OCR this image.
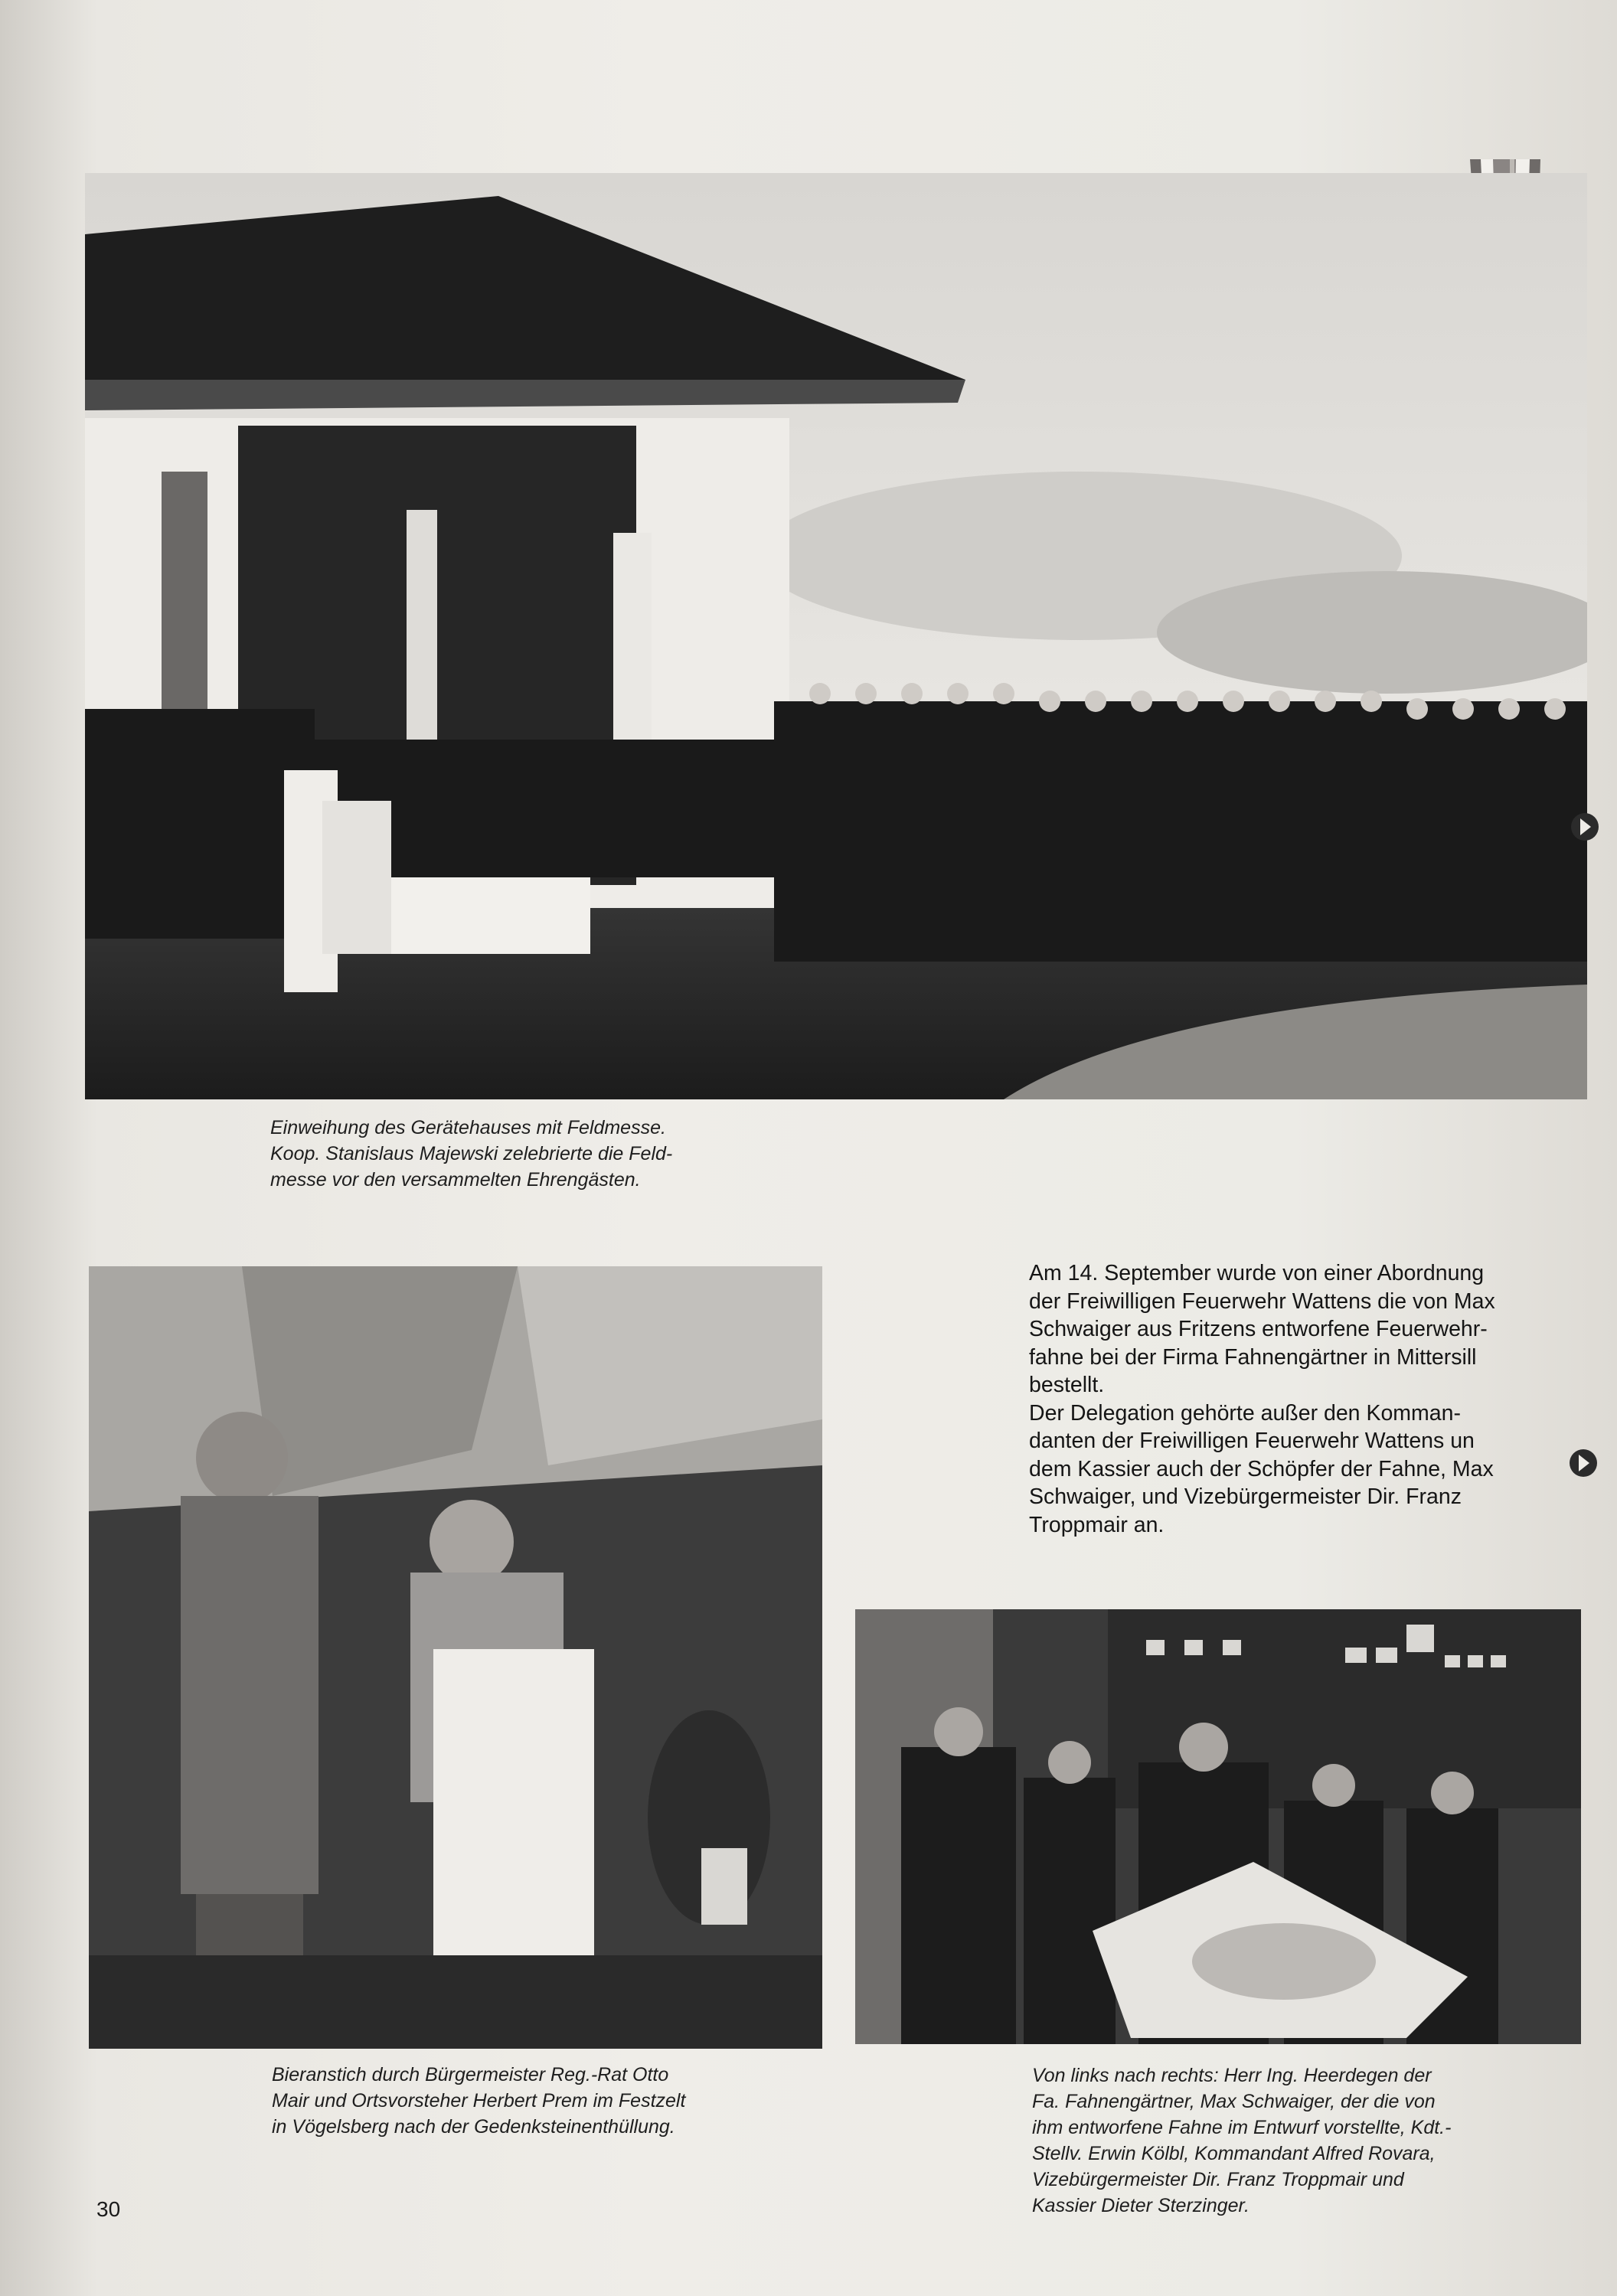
Einweihung des Gerätehauses mit Feldmesse.
Koop. Stanislaus Majewski zelebrierte die Feld-
messe vor den versammelten Ehrengästen.
Bieranstich durch Bürgermeister Reg.-Rat Otto
Mair und Ortsvorsteher Herbert Prem im Festzelt
in Vögelsberg nach der Gedenksteinenthüllung.
Am 14. September wurde von einer Abordnung
der Freiwilligen Feuerwehr Wattens die von Max
Schwaiger aus Fritzens entworfene Feuerwehr-
fahne bei der Firma Fahnengärtner in Mittersill
bestellt.
Der Delegation gehörte außer den Komman-
danten der Freiwilligen Feuerwehr Wattens un
dem Kassier auch der Schöpfer der Fahne, Max
Schwaiger, und Vizebürgermeister Dir. Franz
Troppmair an.
Von links nach rechts: Herr Ing. Heerdegen der
Fa. Fahnengärtner, Max Schwaiger, der die von
ihm entworfene Fahne im Entwurf vorstellte, Kdt.-
Stellv. Erwin Kölbl, Kommandant Alfred Rovara,
Vizebürgermeister Dir. Franz Troppmair und
Kassier Dieter Sterzinger.
30
